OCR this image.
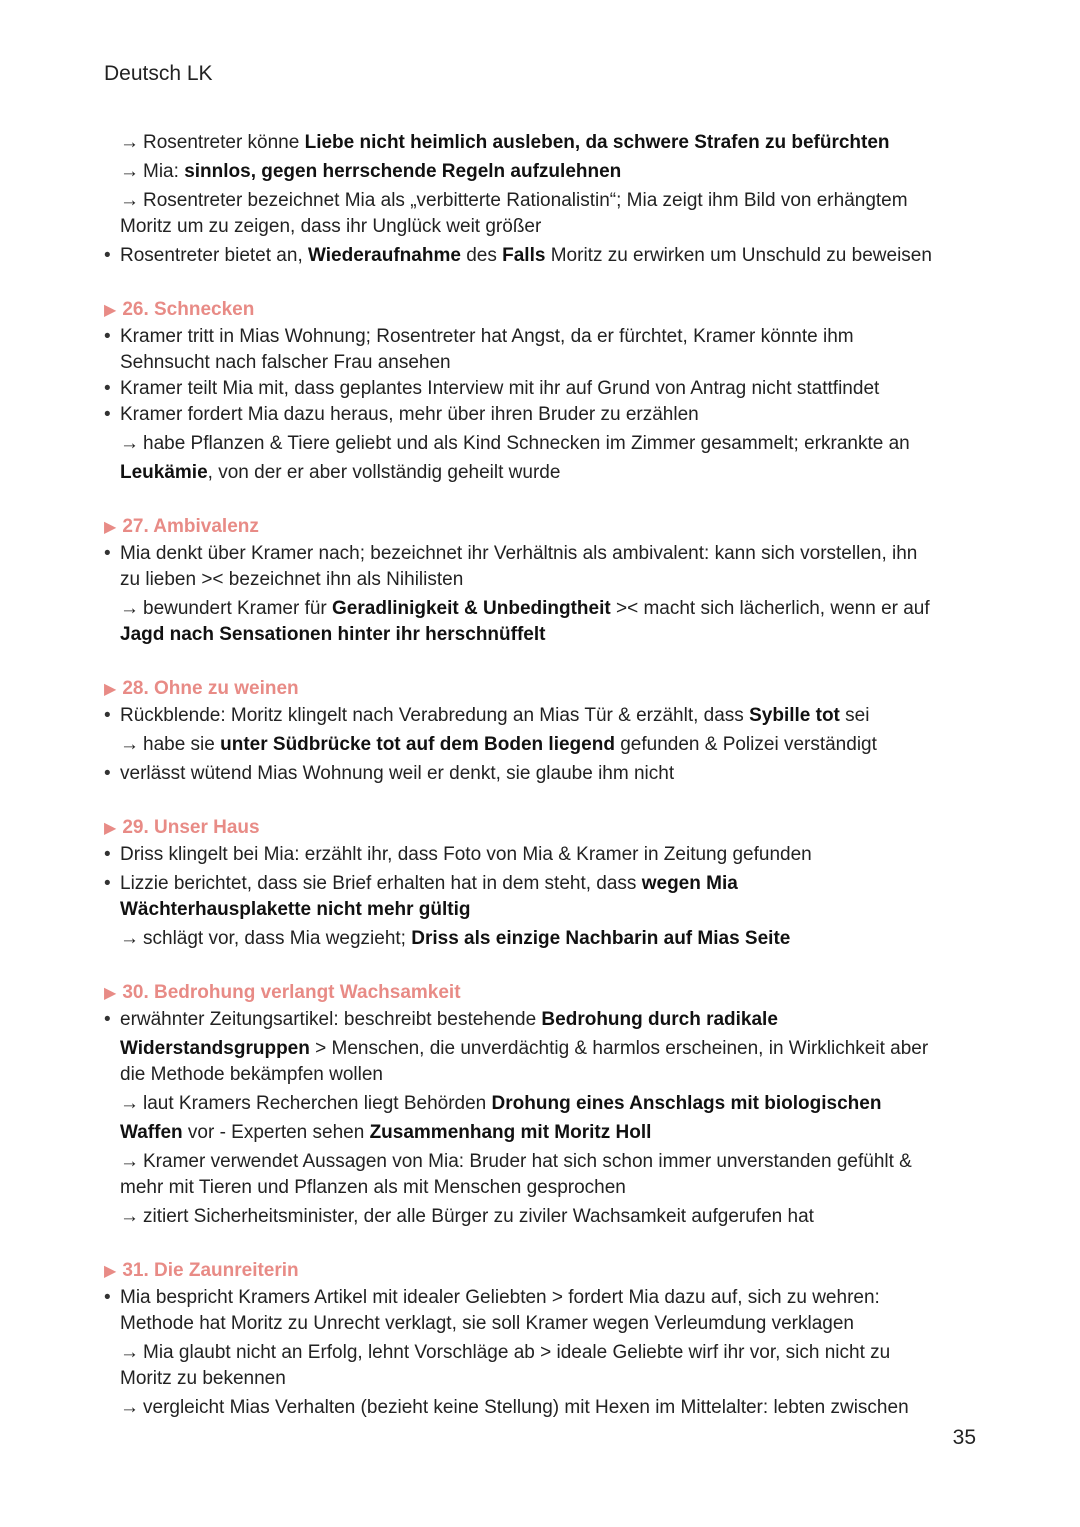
Deutsch LK
→ Rosentreter könne Liebe nicht heimlich ausleben, da schwere Strafen zu befürchten
→ Mia: sinnlos, gegen herrschende Regeln aufzulehnen
→ Rosentreter bezeichnet Mia als „verbitterte Rationalistin“; Mia zeigt ihm Bild von erhängtem
Moritz um zu zeigen, dass ihr Unglück weit größer
• Rosentreter bietet an, Wiederaufnahme des Falls Moritz zu erwirken um Unschuld zu beweisen
▶ 26. Schnecken
• Kramer tritt in Mias Wohnung; Rosentreter hat Angst, da er fürchtet, Kramer könnte ihm
Sehnsucht nach falscher Frau ansehen
• Kramer teilt Mia mit, dass geplantes Interview mit ihr auf Grund von Antrag nicht stattfindet
• Kramer fordert Mia dazu heraus, mehr über ihren Bruder zu erzählen
→ habe Pflanzen & Tiere geliebt und als Kind Schnecken im Zimmer gesammelt; erkrankte an
Leukämie, von der er aber vollständig geheilt wurde
▶ 27. Ambivalenz
• Mia denkt über Kramer nach; bezeichnet ihr Verhältnis als ambivalent: kann sich vorstellen, ihn
zu lieben >< bezeichnet ihn als Nihilisten
→ bewundert Kramer für Geradlinigkeit & Unbedingtheit >< macht sich lächerlich, wenn er auf
Jagd nach Sensationen hinter ihr herschnüffelt
▶ 28. Ohne zu weinen
• Rückblende: Moritz klingelt nach Verabredung an Mias Tür & erzählt, dass Sybille tot sei
→ habe sie unter Südbrücke tot auf dem Boden liegend gefunden & Polizei verständigt
• verlässt wütend Mias Wohnung weil er denkt, sie glaube ihm nicht
▶ 29. Unser Haus
• Driss klingelt bei Mia: erzählt ihr, dass Foto von Mia & Kramer in Zeitung gefunden
• Lizzie berichtet, dass sie Brief erhalten hat in dem steht, dass wegen Mia
Wächterhausplakette nicht mehr gültig
→ schlägt vor, dass Mia wegzieht; Driss als einzige Nachbarin auf Mias Seite
▶ 30. Bedrohung verlangt Wachsamkeit
• erwähnter Zeitungsartikel: beschreibt bestehende Bedrohung durch radikale
Widerstandsgruppen > Menschen, die unverdächtig & harmlos erscheinen, in Wirklichkeit aber
die Methode bekämpfen wollen
→ laut Kramers Recherchen liegt Behörden Drohung eines Anschlags mit biologischen
Waffen vor - Experten sehen Zusammenhang mit Moritz Holl
→ Kramer verwendet Aussagen von Mia: Bruder hat sich schon immer unverstanden gefühlt &
mehr mit Tieren und Pflanzen als mit Menschen gesprochen
→ zitiert Sicherheitsminister, der alle Bürger zu ziviler Wachsamkeit aufgerufen hat
▶ 31. Die Zaunreiterin
• Mia bespricht Kramers Artikel mit idealer Geliebten > fordert Mia dazu auf, sich zu wehren:
Methode hat Moritz zu Unrecht verklagt, sie soll Kramer wegen Verleumdung verklagen
→ Mia glaubt nicht an Erfolg, lehnt Vorschläge ab > ideale Geliebte wirf ihr vor, sich nicht zu
Moritz zu bekennen
→ vergleicht Mias Verhalten (bezieht keine Stellung) mit Hexen im Mittelalter: lebten zwischen
35
